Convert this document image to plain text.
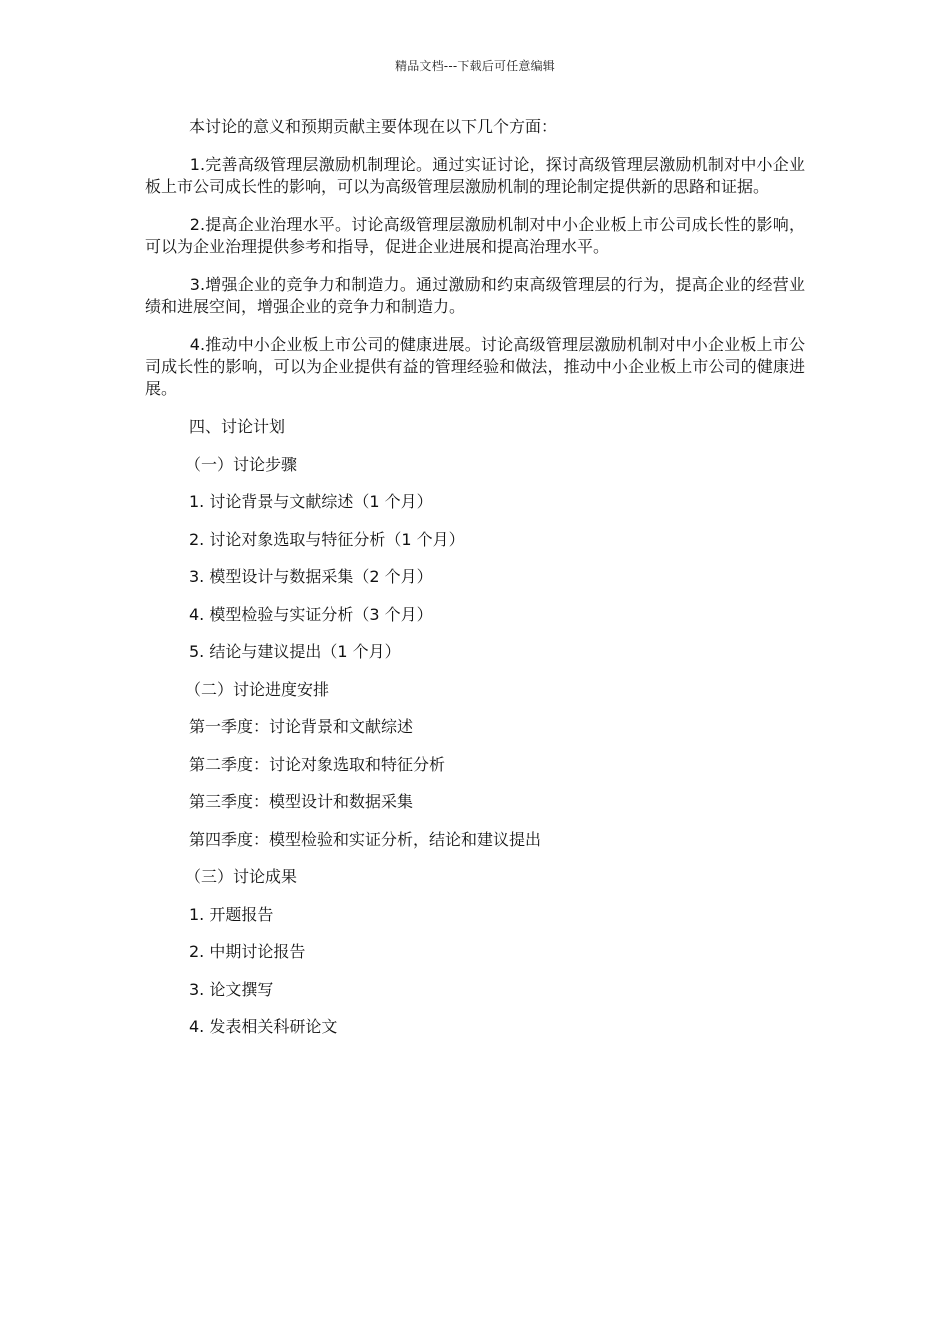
精品文档---下载后可任意编辑

本讨论的意义和预期贡献主要体现在以下几个方面：

1.完善高级管理层激励机制理论。通过实证讨论，探讨高级管理层激励机制对中小企业板上市公司成长性的影响，可以为高级管理层激励机制的理论制定提供新的思路和证据。

2.提高企业治理水平。讨论高级管理层激励机制对中小企业板上市公司成长性的影响，可以为企业治理提供参考和指导，促进企业进展和提高治理水平。

3.增强企业的竞争力和制造力。通过激励和约束高级管理层的行为，提高企业的经营业绩和进展空间，增强企业的竞争力和制造力。

4.推动中小企业板上市公司的健康进展。讨论高级管理层激励机制对中小企业板上市公司成长性的影响，可以为企业提供有益的管理经验和做法，推动中小企业板上市公司的健康进展。

四、讨论计划

（一）讨论步骤

1. 讨论背景与文献综述（1 个月）

2. 讨论对象选取与特征分析（1 个月）

3. 模型设计与数据采集（2 个月）

4. 模型检验与实证分析（3 个月）

5. 结论与建议提出（1 个月）

（二）讨论进度安排

第一季度：讨论背景和文献综述

第二季度：讨论对象选取和特征分析

第三季度：模型设计和数据采集

第四季度：模型检验和实证分析，结论和建议提出

（三）讨论成果

1. 开题报告

2. 中期讨论报告

3. 论文撰写

4. 发表相关科研论文
